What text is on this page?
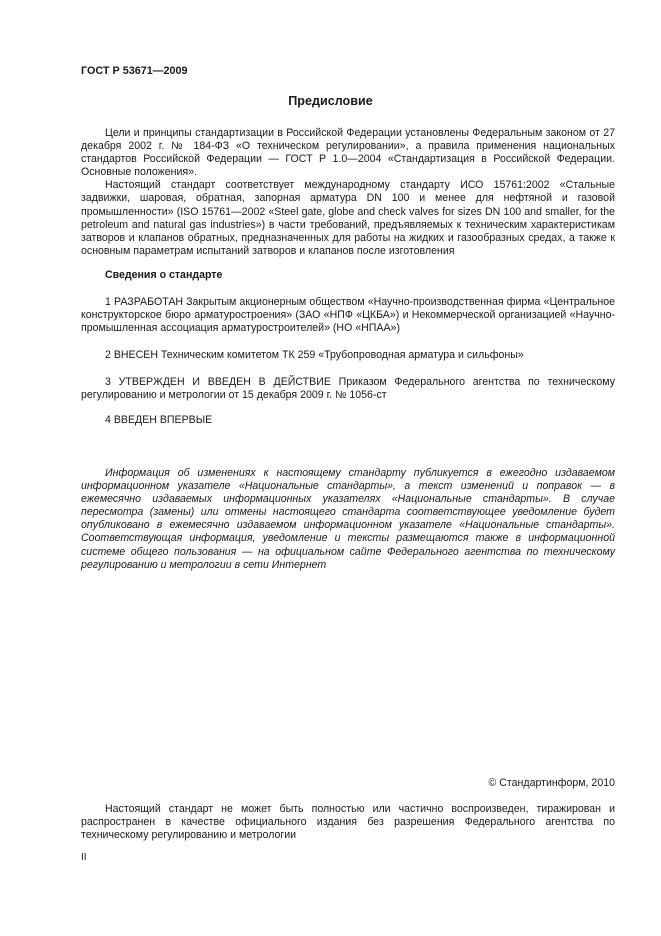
ГОСТ Р 53671—2009
Предисловие

Цели и принципы стандартизации в Российской Федерации установлены Федеральным законом от 27 декабря 2002 г. № 184-ФЗ «О техническом регулировании», а правила применения национальных стандартов Российской Федерации — ГОСТ Р 1.0—2004 «Стандартизация в Российской Федерации. Основные положения».

Настоящий стандарт соответствует международному стандарту ИСО 15761:2002 «Стальные задвижки, шаровая, обратная, запорная арматура DN 100 и менее для нефтяной и газовой промышленности» (ISO 15761—2002 «Steel gate, globe and check valves for sizes DN 100 and smaller, for the petroleum and natural gas industries») в части требований, предъявляемых к техническим характеристикам затворов и клапанов обратных, предназначенных для работы на жидких и газообразных средах, а также к основным параметрам испытаний затворов и клапанов после изготовления

Сведения о стандарте
1 РАЗРАБОТАН Закрытым акционерным обществом «Научно-производственная фирма «Центральное конструкторское бюро арматуростроения» (ЗАО «НПФ «ЦКБА») и Некоммерческой организацией «Научно-промышленная ассоциация арматуростроителей» (НО «НПАА»)
2 ВНЕСЕН Техническим комитетом ТК 259 «Трубопроводная арматура и сильфоны»
3 УТВЕРЖДЕН И ВВЕДЕН В ДЕЙСТВИЕ Приказом Федерального агентства по техническому регулированию и метрологии от 15 декабря 2009 г. № 1056-ст
4 ВВЕДЕН ВПЕРВЫЕ
Информация об изменениях к настоящему стандарту публикуется в ежегодно издаваемом информационном указателе «Национальные стандарты», а текст изменений и поправок — в ежемесячно издаваемых информационных указателях «Национальные стандарты». В случае пересмотра (замены) или отмены настоящего стандарта соответствующее уведомление будет опубликовано в ежемесячно издаваемом информационном указателе «Национальные стандарты». Соответствующая информация, уведомление и тексты размещаются также в информационной системе общего пользования — на официальном сайте Федерального агентства по техническому регулированию и метрологии в сети Интернет
© Стандартинформ, 2010
Настоящий стандарт не может быть полностью или частично воспроизведен, тиражирован и распространен в качестве официального издания без разрешения Федерального агентства по техническому регулированию и метрологии
II
